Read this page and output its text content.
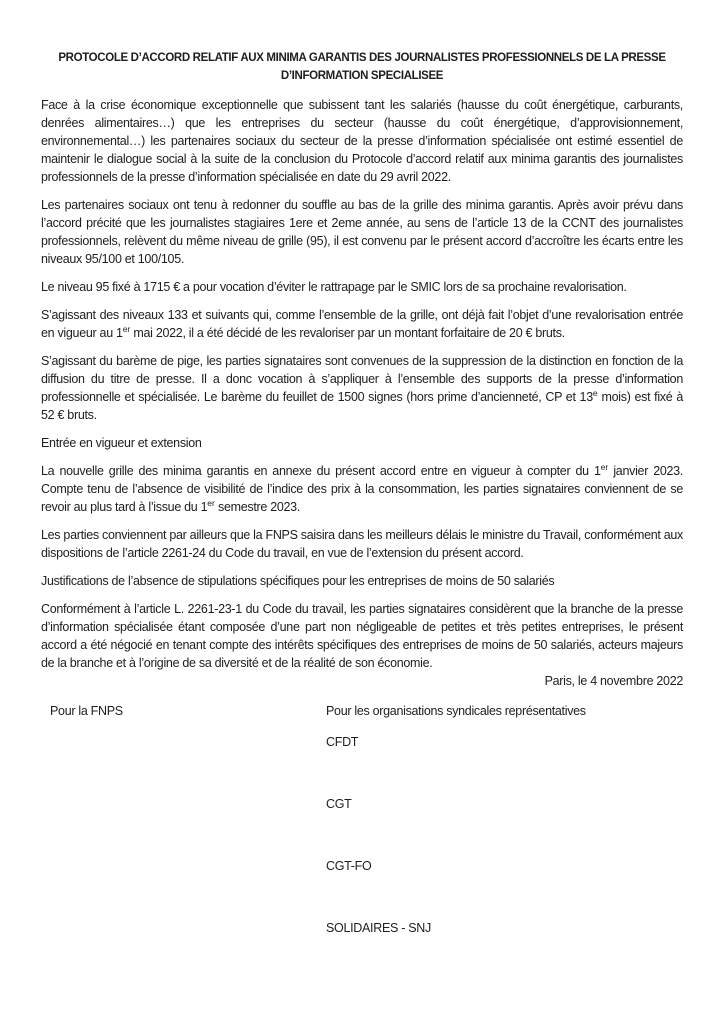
PROTOCOLE D’ACCORD RELATIF AUX MINIMA GARANTIS DES JOURNALISTES PROFESSIONNELS DE LA PRESSE
D’INFORMATION SPECIALISEE

Face à la crise économique exceptionnelle que subissent tant les salariés (hausse du coût énergétique, carburants, denrées alimentaires…) que les entreprises du secteur (hausse du coût énergétique, d’approvisionnement, environnemental…) les partenaires sociaux du secteur de la presse d’information spécialisée ont estimé essentiel de maintenir le dialogue social à la suite de la conclusion du Protocole d’accord relatif aux minima garantis des journalistes professionnels de la presse d’information spécialisée en date du 29 avril 2022.

Les partenaires sociaux ont tenu à redonner du souffle au bas de la grille des minima garantis. Après avoir prévu dans l’accord précité que les journalistes stagiaires 1ere et 2eme année, au sens de l’article 13 de la CCNT des journalistes professionnels, relèvent du même niveau de grille (95), il est convenu par le présent accord d’accroître les écarts entre les niveaux 95/100 et 100/105.

Le niveau 95 fixé à 1715 € a pour vocation d’éviter le rattrapage par le SMIC lors de sa prochaine revalorisation.

S’agissant des niveaux 133 et suivants qui, comme l’ensemble de la grille, ont déjà fait l’objet d’une revalorisation entrée en vigueur au 1er mai 2022, il a été décidé de les revaloriser par un montant forfaitaire de 20 € bruts.

S’agissant du barème de pige, les parties signataires sont convenues de la suppression de la distinction en fonction de la diffusion du titre de presse. Il a donc vocation à s’appliquer à l’ensemble des supports de la presse d’information professionnelle et spécialisée. Le barème du feuillet de 1500 signes (hors prime d’ancienneté, CP et 13e mois) est fixé à 52 € bruts.

Entrée en vigueur et extension

La nouvelle grille des minima garantis en annexe du présent accord entre en vigueur à compter du 1er janvier 2023. Compte tenu de l’absence de visibilité de l’indice des prix à la consommation, les parties signataires conviennent de se revoir au plus tard à l’issue du 1er semestre 2023.

Les parties conviennent par ailleurs que la FNPS saisira dans les meilleurs délais le ministre du Travail, conformément aux dispositions de l’article 2261-24 du Code du travail, en vue de l’extension du présent accord.

Justifications de l’absence de stipulations spécifiques pour les entreprises de moins de 50 salariés

Conformément à l’article L. 2261-23-1 du Code du travail, les parties signataires considèrent que la branche de la presse d’information spécialisée étant composée d’une part non négligeable de petites et très petites entreprises, le présent accord a été négocié en tenant compte des intérêts spécifiques des entreprises de moins de 50 salariés, acteurs majeurs de la branche et à l’origine de sa diversité et de la réalité de son économie.

Paris, le 4 novembre 2022

Pour la FNPS	Pour les organisations syndicales représentatives

CFDT

CGT

CGT-FO

SOLIDAIRES - SNJ
